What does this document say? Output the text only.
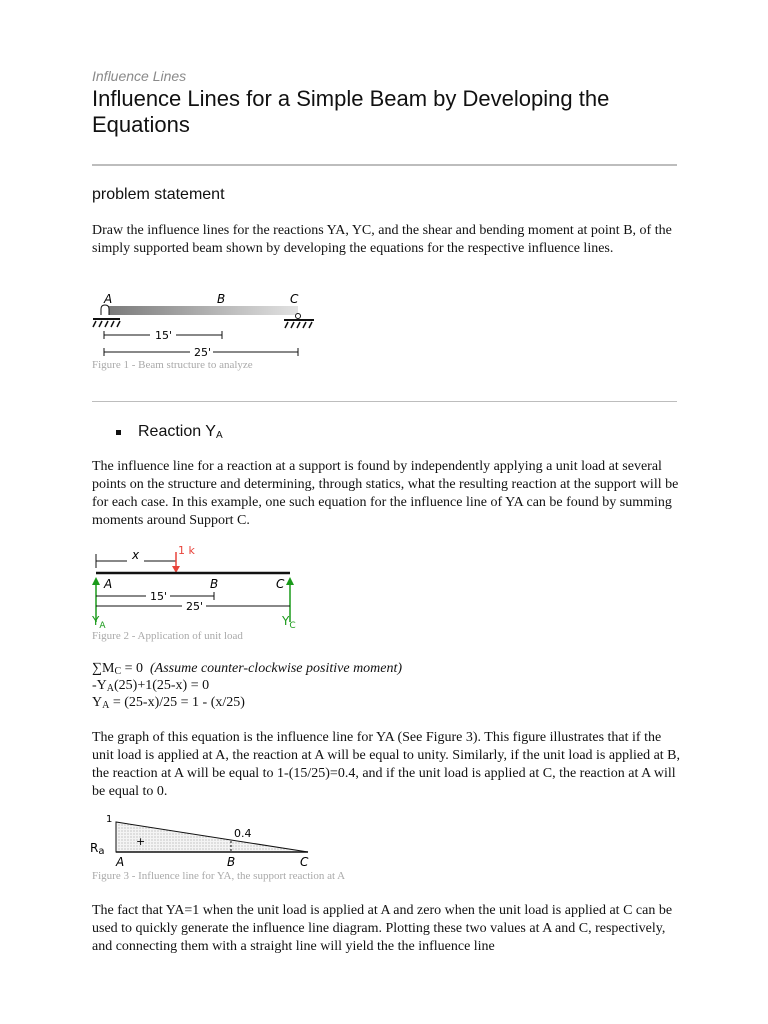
Influence Lines
Influence Lines for a Simple Beam by Developing the Equations
problem statement
Draw the influence lines for the reactions YA, YC, and the shear and bending moment at point B, of the simply supported beam shown by developing the equations for the respective influence lines.
A	B	C
15'
25'
Figure 1 - Beam structure to analyze
Reaction $Y_A$
The influence line for a reaction at a support is found by independently applying a unit load at several points on the structure and determining, through statics, what the resulting reaction at the support will be for each case. In this example, one such equation for the influence line of YA can be found by summing moments around Support C.
x	1 k
A	B	C
15'
25'
$Y_A$	$Y_C$
Figure 2 - Application of unit load
$\sum M_C = 0$ (Assume counter-clockwise positive moment)
$-Y_A(25)+1(25-x) = 0$
$Y_A = (25-x)/25 = 1 - (x/25)$
The graph of this equation is the influence line for YA (See Figure 3). This figure illustrates that if the unit load is applied at A, the reaction at A will be equal to unity. Similarly, if the unit load is applied at B, the reaction at A will be equal to 1-(15/25)=0.4, and if the unit load is applied at C, the reaction at A will be equal to 0.
1
0.4
+
Ra
A	B	C
Figure 3 - Influence line for YA, the support reaction at A
The fact that YA=1 when the unit load is applied at A and zero when the unit load is applied at C can be used to quickly generate the influence line diagram. Plotting these two values at A and C, respectively, and connecting them with a straight line will yield the the influence line
